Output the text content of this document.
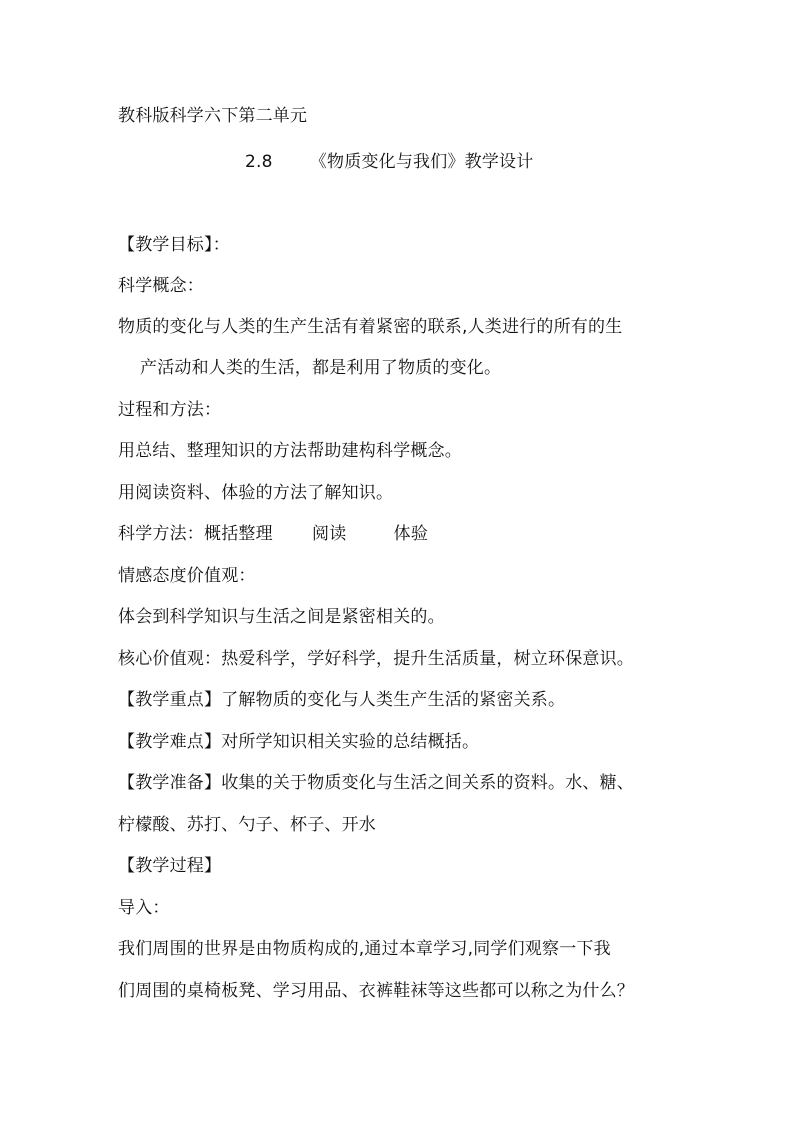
教科版科学六下第二单元
2.8 《物质变化与我们》教学设计
【教学目标】：
科学概念：
物质的变化与人类的生产生活有着紧密的联系,人类进行的所有的生
产活动和人类的生活，都是利用了物质的变化。
过程和方法：
用总结、整理知识的方法帮助建构科学概念。
用阅读资料、体验的方法了解知识。
科学方法：概括整理 阅读	体验
情感态度价值观：
体会到科学知识与生活之间是紧密相关的。
核心价值观：热爱科学，学好科学，提升生活质量，树立环保意识。
【教学重点】了解物质的变化与人类生产生活的紧密关系。
【教学难点】对所学知识相关实验的总结概括。
【教学准备】收集的关于物质变化与生活之间关系的资料。水、糖、
柠檬酸、苏打、勺子、杯子、开水
【教学过程】
导入：
我们周围的世界是由物质构成的,通过本章学习,同学们观察一下我
们周围的桌椅板凳、学习用品、衣裤鞋袜等这些都可以称之为什么？
